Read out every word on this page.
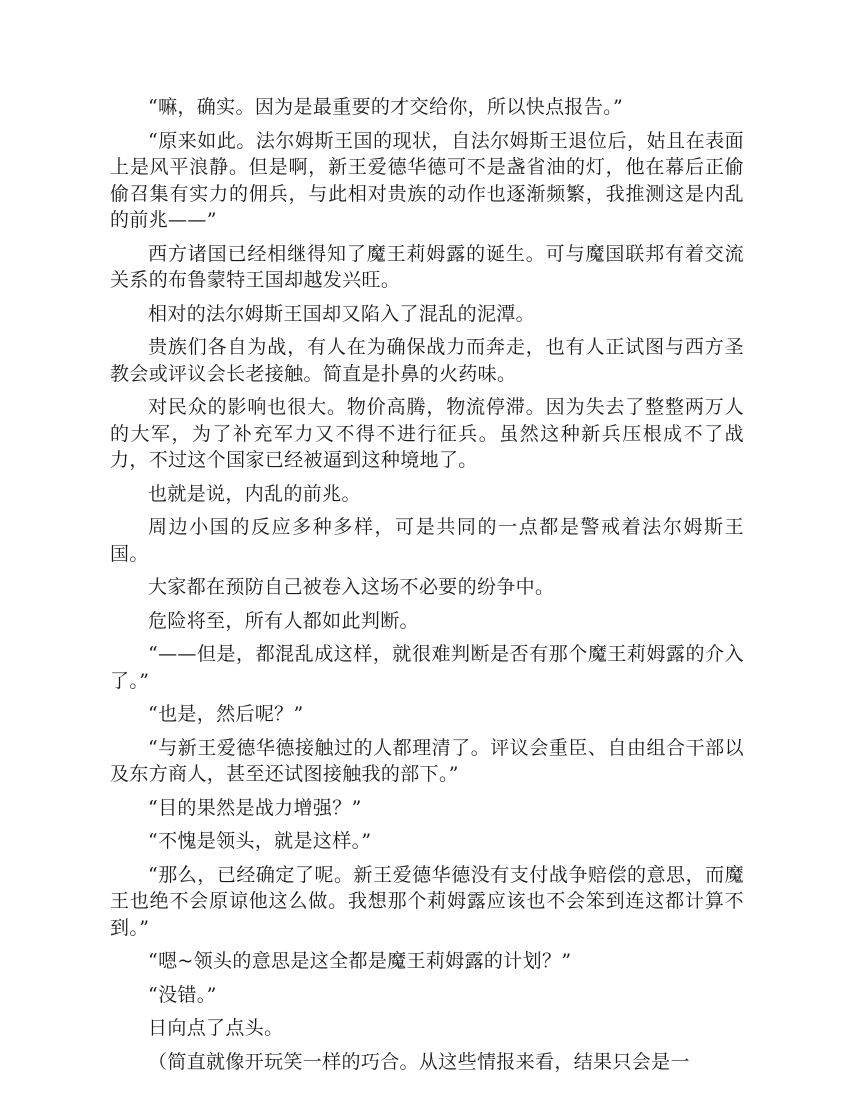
“嘛，确实。因为是最重要的才交给你，所以快点报告。”

“原来如此。法尔姆斯王国的现状，自法尔姆斯王退位后，姑且在表面上是风平浪静。但是啊，新王爱德华德可不是盏省油的灯，他在幕后正偷偷召集有实力的佣兵，与此相对贵族的动作也逐渐频繁，我推测这是内乱的前兆——”

西方诸国已经相继得知了魔王莉姆露的诞生。可与魔国联邦有着交流关系的布鲁蒙特王国却越发兴旺。

相对的法尔姆斯王国却又陷入了混乱的泥潭。

贵族们各自为战，有人在为确保战力而奔走，也有人正试图与西方圣教会或评议会长老接触。简直是扑鼻的火药味。

对民众的影响也很大。物价高腾，物流停滞。因为失去了整整两万人的大军，为了补充军力又不得不进行征兵。虽然这种新兵压根成不了战力，不过这个国家已经被逼到这种境地了。

也就是说，内乱的前兆。

周边小国的反应多种多样，可是共同的一点都是警戒着法尔姆斯王国。

大家都在预防自己被卷入这场不必要的纷争中。

危险将至，所有人都如此判断。

“——但是，都混乱成这样，就很难判断是否有那个魔王莉姆露的介入了。”

“也是，然后呢？”

“与新王爱德华德接触过的人都理清了。评议会重臣、自由组合干部以及东方商人，甚至还试图接触我的部下。”

“目的果然是战力增强？”

“不愧是领头，就是这样。”

“那么，已经确定了呢。新王爱德华德没有支付战争赔偿的意思，而魔王也绝不会原谅他这么做。我想那个莉姆露应该也不会笨到连这都计算不到。”

“嗯~领头的意思是这全都是魔王莉姆露的计划？”

“没错。”

日向点了点头。

（简直就像开玩笑一样的巧合。从这些情报来看，结果只会是一
